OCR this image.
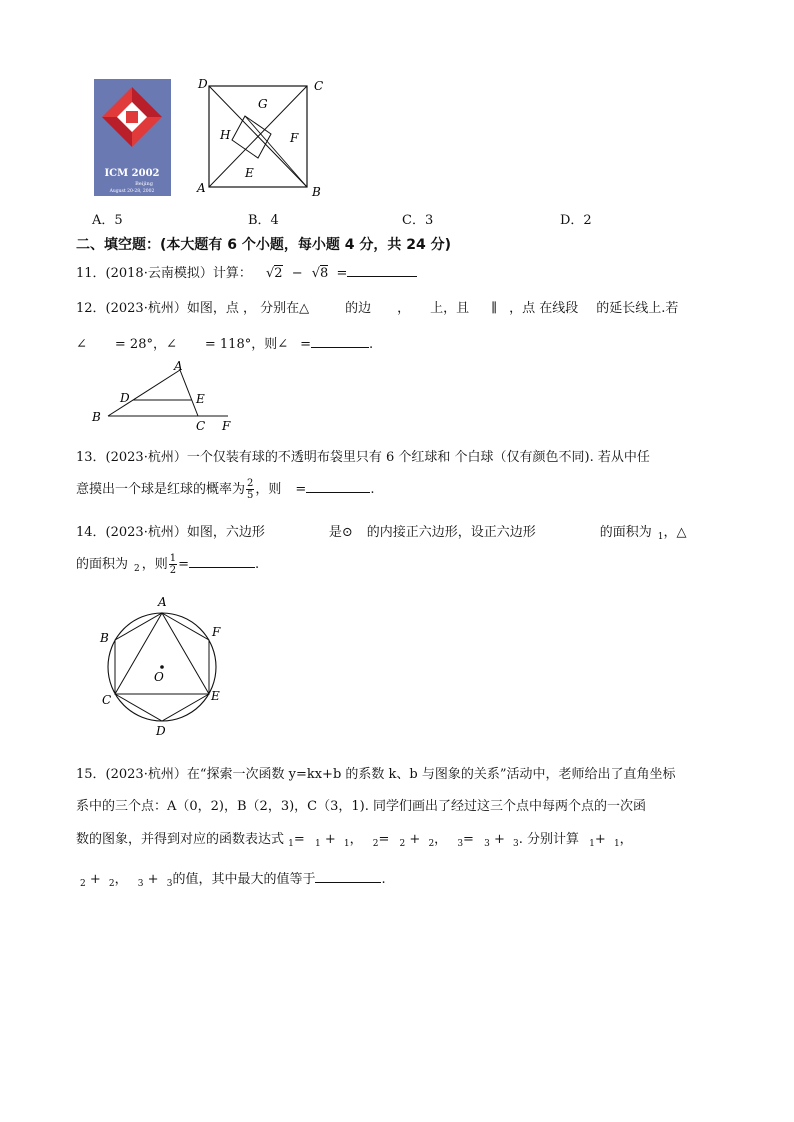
ICM 2002
Beijing
August 20-28, 2002
D	C
G
H	F
E
A	B
A．5	B．4	C．3	D．2
二、填空题：(本大题有 6 个小题，每小题 4 分，共 24 分)
11．(2018·云南模拟）计算： √2 − √8 =
12．(2023·杭州）如图，点 ， 分别在△	的边 ， 上，且 ∥ ，点 在线段 的延长线上.若
∠ = 28°，∠ = 118°，则∠ =	.
A
D	E
B
C F
13．(2023·杭州）一个仅装有球的不透明布袋里只有 6 个红球和 个白球（仅有颜色不同). 若从中任
意摸出一个球是红球的概率为 $\frac{2}{5}$ ，则 =	.
14．(2023·杭州）如图，六边形	是⊙ 的内接正六边形，设正六边形	的面积为 $_1$，△
的面积为 $_2$ ，则 $\frac{1}{2}$ =	.
A
B	F
O
C	E
D
15．(2023·杭州）在“探索一次函数 y=kx+b 的系数 k、b 与图象的关系”活动中，老师给出了直角坐标
系中的三个点：A（0，2)，B（2，3)，C（3，1). 同学们画出了经过这三个点中每两个点的一次函
数的图象，并得到对应的函数表达式 $_1$= $_1$ + $_1$， $_2$= $_2$ + $_2$， $_3$= $_3$ + $_3$. 分别计算 $_1$+ $_1$，
$_2$ + $_2$， $_3$ + $_3$的值，其中最大的值等于	.
